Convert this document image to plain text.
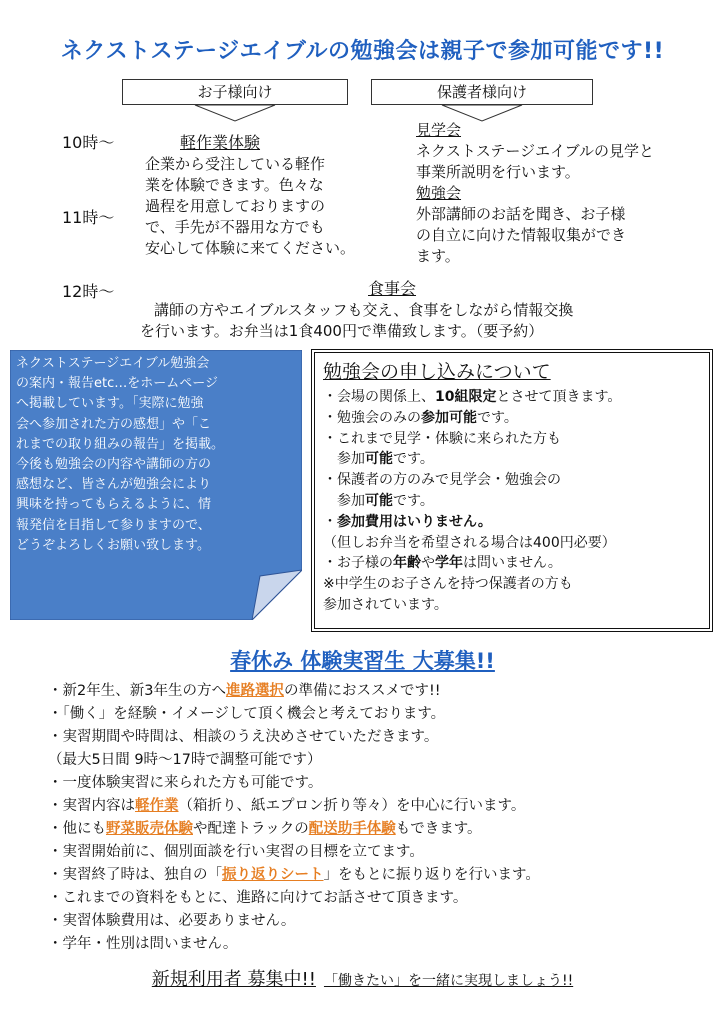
ネクストステージエイブルの勉強会は親子で参加可能です!!
お子様向け	保護者様向け
10時～
11時～
12時～
軽作業体験
企業から受注している軽作
業を体験できます。色々な
過程を用意しておりますの
で、手先が不器用な方でも
安心して体験に来てください。
見学会
ネクストステージエイブルの見学と
事業所説明を行います。
勉強会
外部講師のお話を聞き、お子様
の自立に向けた情報収集ができ
ます。
食事会
講師の方やエイブルスタッフも交え、食事をしながら情報交換
を行います。お弁当は1食400円で準備致します。（要予約）
ネクストステージエイブル勉強会
の案内・報告etc…をホームページ
へ掲載しています。「実際に勉強
会へ参加された方の感想」や「こ
れまでの取り組みの報告」を掲載。
今後も勉強会の内容や講師の方の
感想など、皆さんが勉強会により
興味を持ってもらえるように、情
報発信を目指して参りますので、
どうぞよろしくお願い致します。
勉強会の申し込みについて
・会場の関係上、10組限定とさせて頂きます。
・勉強会のみの参加可能です。
・これまで見学・体験に来られた方も
参加可能です。
・保護者の方のみで見学会・勉強会の
参加可能です。
・参加費用はいりません。
（但しお弁当を希望される場合は400円必要）
・お子様の年齢や学年は問いません。
※中学生のお子さんを持つ保護者の方も
参加されています。
春休み 体験実習生 大募集!!
・新2年生、新3年生の方へ進路選択の準備におススメです!!
・「働く」を経験・イメージして頂く機会と考えております。
・実習期間や時間は、相談のうえ決めさせていただきます。
（最大5日間 9時～17時で調整可能です）
・一度体験実習に来られた方も可能です。
・実習内容は軽作業（箱折り、紙エプロン折り等々）を中心に行います。
・他にも野菜販売体験や配達トラックの配送助手体験もできます。
・実習開始前に、個別面談を行い実習の目標を立てます。
・実習終了時は、独自の「振り返りシート」をもとに振り返りを行います。
・これまでの資料をもとに、進路に向けてお話させて頂きます。
・実習体験費用は、必要ありません。
・学年・性別は問いません。
新規利用者 募集中!! 「働きたい」を一緒に実現しましょう!!
